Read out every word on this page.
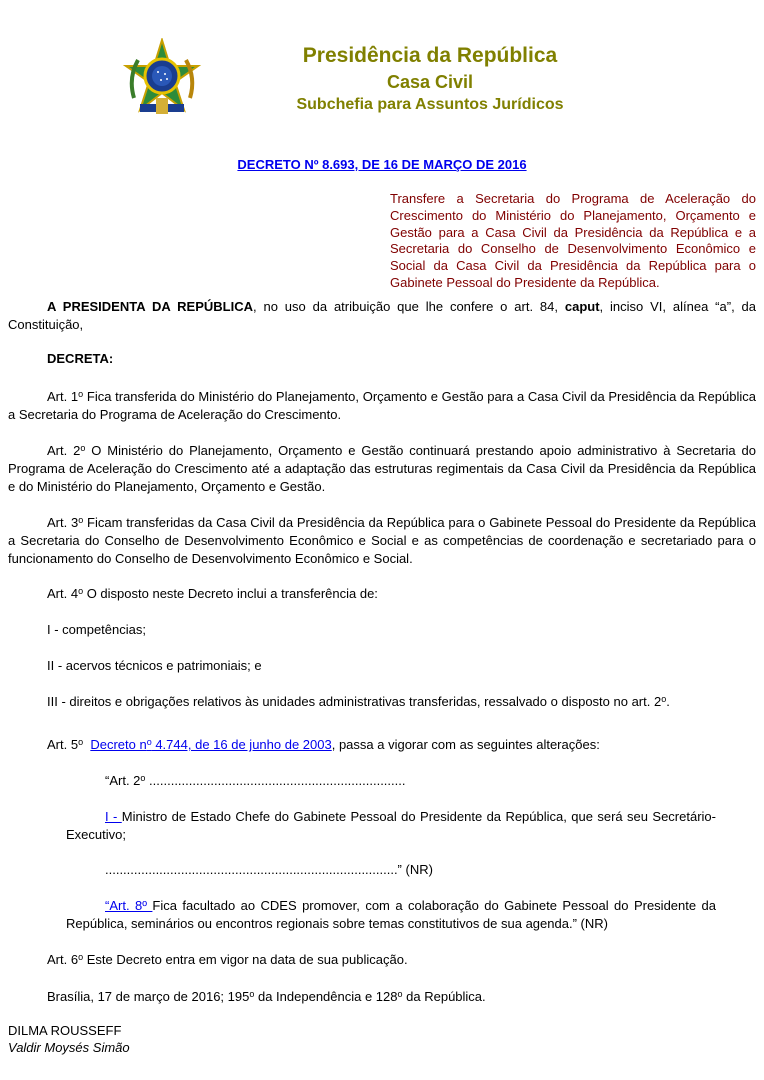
Presidência da República
Casa Civil
Subchefia para Assuntos Jurídicos
DECRETO Nº 8.693, DE 16 DE MARÇO DE 2016
Transfere a Secretaria do Programa de Aceleração do Crescimento do Ministério do Planejamento, Orçamento e Gestão para a Casa Civil da Presidência da República e a Secretaria do Conselho de Desenvolvimento Econômico e Social da Casa Civil da Presidência da República para o Gabinete Pessoal do Presidente da República.
A PRESIDENTA DA REPÚBLICA, no uso da atribuição que lhe confere o art. 84, caput, inciso VI, alínea “a”, da Constituição,
DECRETA:
Art. 1$^o$ Fica transferida do Ministério do Planejamento, Orçamento e Gestão para a Casa Civil da Presidência da República a Secretaria do Programa de Aceleração do Crescimento.
Art. 2$^o$ O Ministério do Planejamento, Orçamento e Gestão continuará prestando apoio administrativo à Secretaria do Programa de Aceleração do Crescimento até a adaptação das estruturas regimentais da Casa Civil da Presidência da República e do Ministério do Planejamento, Orçamento e Gestão.
Art. 3$^o$ Ficam transferidas da Casa Civil da Presidência da República para o Gabinete Pessoal do Presidente da República a Secretaria do Conselho de Desenvolvimento Econômico e Social e as competências de coordenação e secretariado para o funcionamento do Conselho de Desenvolvimento Econômico e Social.
Art. 4$^o$ O disposto neste Decreto inclui a transferência de:
I - competências;
II - acervos técnicos e patrimoniais; e
III - direitos e obrigações relativos às unidades administrativas transferidas, ressalvado o disposto no art. 2$^o$.
Art. 5$^o$ Decreto n$^o$ 4.744, de 16 de junho de 2003, passa a vigorar com as seguintes alterações:
“Art. 2$^o$ .......................................................................
I - Ministro de Estado Chefe do Gabinete Pessoal do Presidente da República, que será seu Secretário-Executivo;
.................................................................................” (NR)
“Art. 8º Fica facultado ao CDES promover, com a colaboração do Gabinete Pessoal do Presidente da República, seminários ou encontros regionais sobre temas constitutivos de sua agenda.” (NR)
Art. 6$^o$ Este Decreto entra em vigor na data de sua publicação.
Brasília, 17 de março de 2016; 195$^o$ da Independência e 128$^o$ da República.
DILMA ROUSSEFF
Valdir Moysés Simão
